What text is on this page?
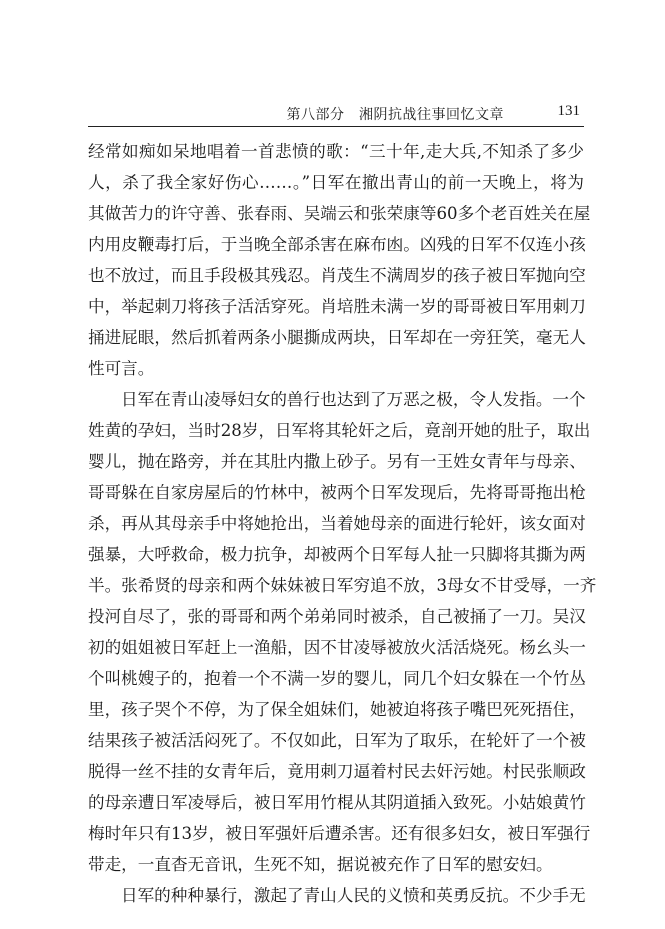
第八部分　湘阴抗战往事回忆文章	131
经常如痴如呆地唱着一首悲愤的歌：“三十年,走大兵,不知杀了多少
人，杀了我全家好伤心……。”日军在撤出青山的前一天晚上，将为
其做苦力的许守善、张春雨、吴端云和张荣康等60多个老百姓关在屋
内用皮鞭毒打后，于当晚全部杀害在麻布凼。凶残的日军不仅连小孩
也不放过，而且手段极其残忍。肖茂生不满周岁的孩子被日军抛向空
中，举起刺刀将孩子活活穿死。肖培胜未满一岁的哥哥被日军用刺刀
捅进屁眼，然后抓着两条小腿撕成两块，日军却在一旁狂笑，毫无人
性可言。
日军在青山凌辱妇女的兽行也达到了万恶之极，令人发指。一个
姓黄的孕妇，当时28岁，日军将其轮奸之后，竟剖开她的肚子，取出
婴儿，抛在路旁，并在其肚内撒上砂子。另有一王姓女青年与母亲、
哥哥躲在自家房屋后的竹林中，被两个日军发现后，先将哥哥拖出枪
杀，再从其母亲手中将她抢出，当着她母亲的面进行轮奸，该女面对
强暴，大呼救命，极力抗争，却被两个日军每人扯一只脚将其撕为两
半。张希贤的母亲和两个妹妹被日军穷追不放，3母女不甘受辱，一齐
投河自尽了，张的哥哥和两个弟弟同时被杀，自己被捅了一刀。吴汉
初的姐姐被日军赶上一渔船，因不甘凌辱被放火活活烧死。杨幺头一
个叫桃嫂子的，抱着一个不满一岁的婴儿，同几个妇女躲在一个竹丛
里，孩子哭个不停，为了保全姐妹们，她被迫将孩子嘴巴死死捂住，
结果孩子被活活闷死了。不仅如此，日军为了取乐，在轮奸了一个被
脱得一丝不挂的女青年后，竟用刺刀逼着村民去奸污她。村民张顺政
的母亲遭日军凌辱后，被日军用竹棍从其阴道插入致死。小姑娘黄竹
梅时年只有13岁，被日军强奸后遭杀害。还有很多妇女，被日军强行
带走，一直杳无音讯，生死不知，据说被充作了日军的慰安妇。
日军的种种暴行，激起了青山人民的义愤和英勇反抗。不少手无
